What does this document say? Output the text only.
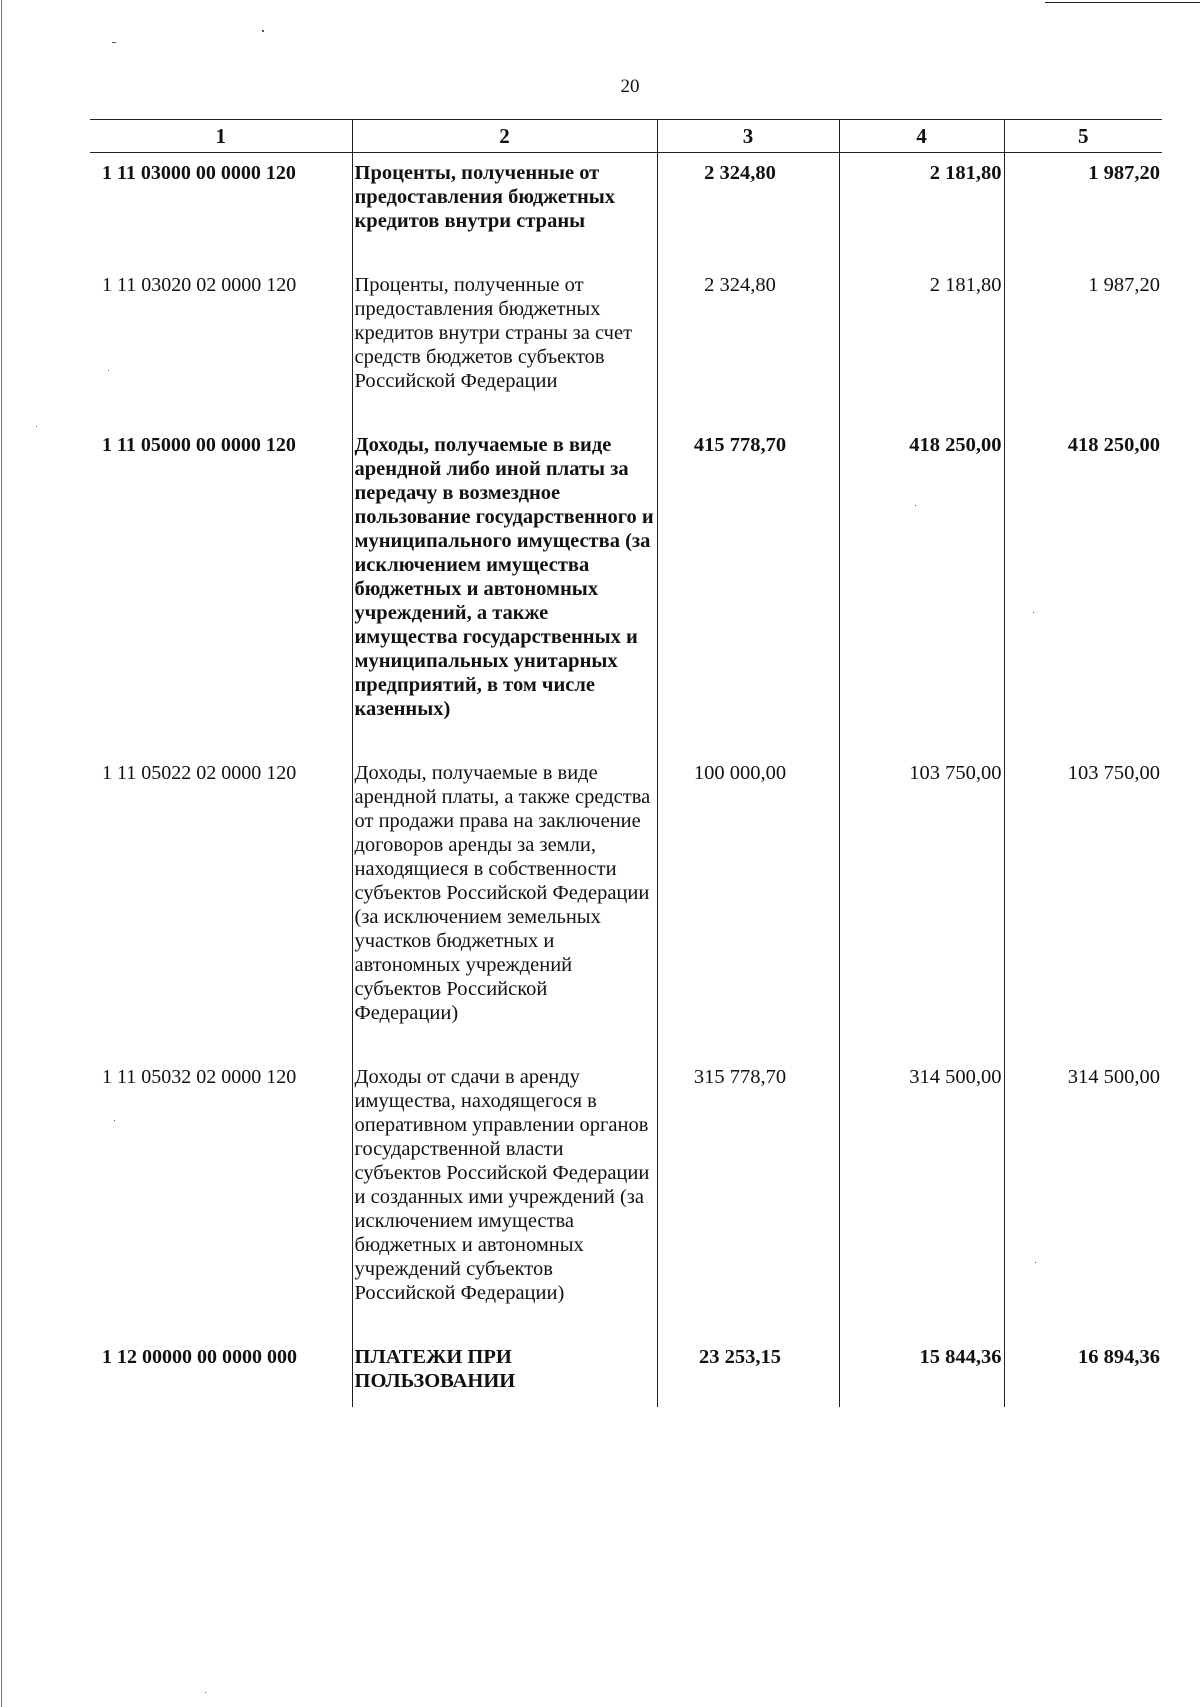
20
1	2	3	4	5
1 11 03000 00 0000 120	Проценты, полученные от предоставления бюджетных кредитов внутри страны	2 324,80	2 181,80	1 987,20
1 11 03020 02 0000 120	Проценты, полученные от предоставления бюджетных кредитов внутри страны за счет средств бюджетов субъектов Российской Федерации	2 324,80	2 181,80	1 987,20
1 11 05000 00 0000 120	Доходы, получаемые в виде арендной либо иной платы за передачу в возмездное пользование государственного и муниципального имущества (за исключением имущества бюджетных и автономных учреждений, а также имущества государственных и муниципальных унитарных предприятий, в том числе казенных)	415 778,70	418 250,00	418 250,00
1 11 05022 02 0000 120	Доходы, получаемые в виде арендной платы, а также средства от продажи права на заключение договоров аренды за земли, находящиеся в собственности субъектов Российской Федерации (за исключением земельных участков бюджетных и автономных учреждений субъектов Российской Федерации)	100 000,00	103 750,00	103 750,00
1 11 05032 02 0000 120	Доходы от сдачи в аренду имущества, находящегося в оперативном управлении органов государственной власти субъектов Российской Федерации и созданных ими учреждений (за исключением имущества бюджетных и автономных учреждений субъектов Российской Федерации)	315 778,70	314 500,00	314 500,00
1 12 00000 00 0000 000	ПЛАТЕЖИ ПРИ ПОЛЬЗОВАНИИ	23 253,15	15 844,36	16 894,36
